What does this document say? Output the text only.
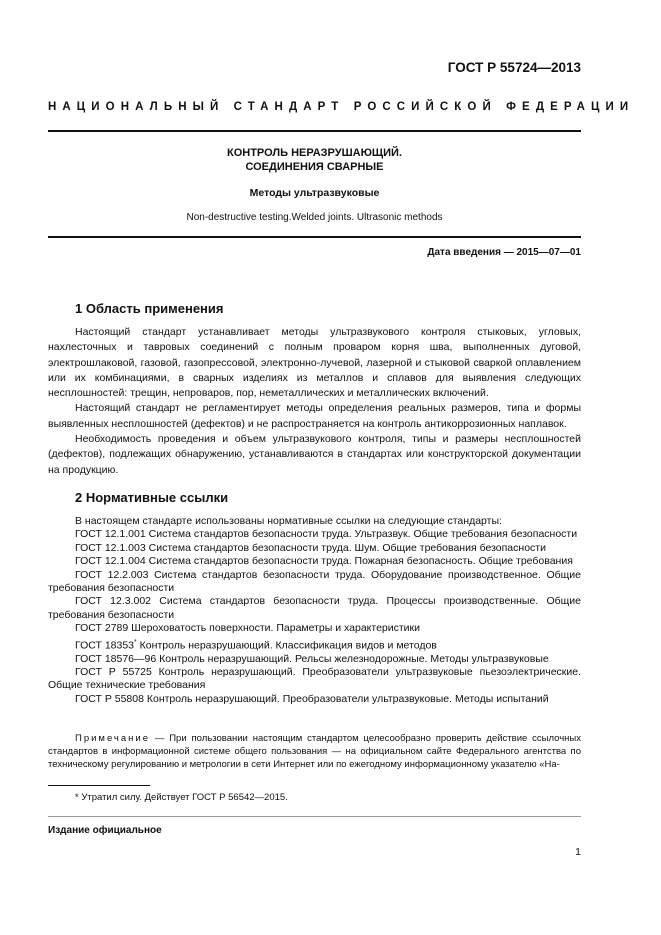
ГОСТ Р 55724—2013
НАЦИОНАЛЬНЫЙ СТАНДАРТ РОССИЙСКОЙ ФЕДЕРАЦИИ
КОНТРОЛЬ НЕРАЗРУШАЮЩИЙ.
СОЕДИНЕНИЯ СВАРНЫЕ
Методы ультразвуковые
Non-destructive testing.Welded joints. Ultrasonic methods
Дата введения — 2015—07—01
1 Область применения

Настоящий стандарт устанавливает методы ультразвукового контроля стыковых, угловых, нахлесточных и тавровых соединений с полным проваром корня шва, выполненных дуговой, электрошлаковой, газовой, газопрессовой, электронно-лучевой, лазерной и стыковой сваркой оплавлением или их комбинациями, в сварных изделиях из металлов и сплавов для выявления следующих несплошностей: трещин, непроваров, пор, неметаллических и металлических включений.

Настоящий стандарт не регламентирует методы определения реальных размеров, типа и формы выявленных несплошностей (дефектов) и не распространяется на контроль антикоррозионных наплавок.

Необходимость проведения и объем ультразвукового контроля, типы и размеры несплошностей (дефектов), подлежащих обнаружению, устанавливаются в стандартах или конструкторской документации на продукцию.

2 Нормативные ссылки

В настоящем стандарте использованы нормативные ссылки на следующие стандарты:

ГОСТ 12.1.001 Система стандартов безопасности труда. Ультразвук. Общие требования безопасности

ГОСТ 12.1.003 Система стандартов безопасности труда. Шум. Общие требования безопасности

ГОСТ 12.1.004 Система стандартов безопасности труда. Пожарная безопасность. Общие требования

ГОСТ 12.2.003 Система стандартов безопасности труда. Оборудование производственное. Общие требования безопасности

ГОСТ 12.3.002 Система стандартов безопасности труда. Процессы производственные. Общие требования безопасности

ГОСТ 2789 Шероховатость поверхности. Параметры и характеристики

ГОСТ 18353* Контроль неразрушающий. Классификация видов и методов

ГОСТ 18576—96 Контроль неразрушающий. Рельсы железнодорожные. Методы ультразвуковые

ГОСТ Р 55725 Контроль неразрушающий. Преобразователи ультразвуковые пьезоэлектрические. Общие технические требования

ГОСТ Р 55808 Контроль неразрушающий. Преобразователи ультразвуковые. Методы испытаний

Примечание — При пользовании настоящим стандартом целесообразно проверить действие ссылочных стандартов в информационной системе общего пользования — на официальном сайте Федерального агентства по техническому регулированию и метрологии в сети Интернет или по ежегодному информационному указателю «На-

* Утратил силу. Действует ГОСТ Р 56542—2015.
Издание официальное
1
